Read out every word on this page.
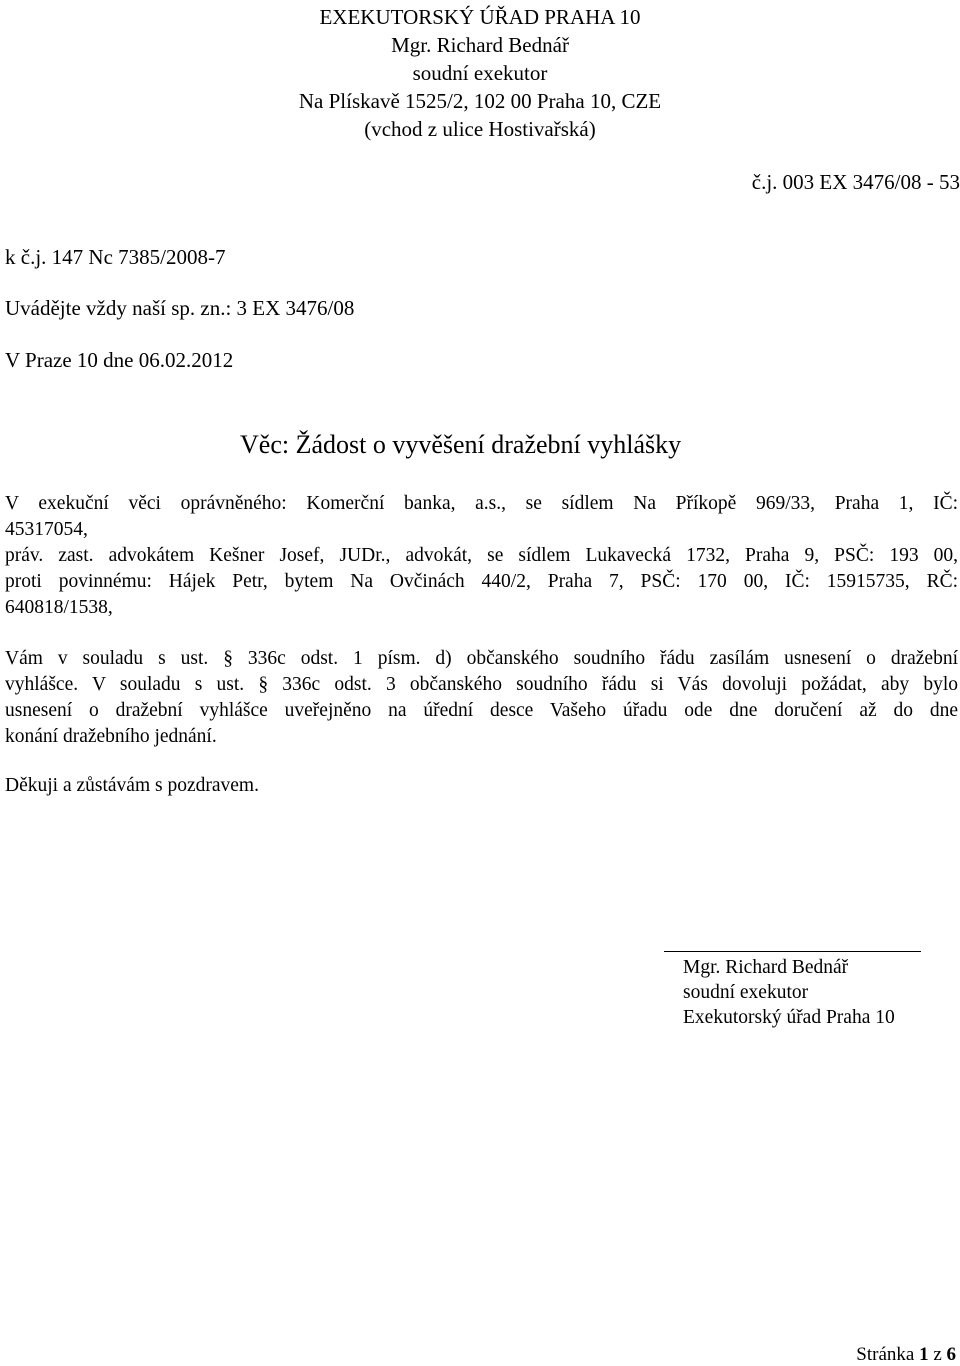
EXEKUTORSKÝ ÚŘAD PRAHA 10
Mgr. Richard Bednář
soudní exekutor
Na Plískavě 1525/2, 102 00 Praha 10, CZE
(vchod z ulice Hostivařská)
č.j. 003 EX 3476/08 - 53
k č.j. 147 Nc 7385/2008-7
Uvádějte vždy naší sp. zn.: 3 EX 3476/08
V Praze 10 dne 06.02.2012
Věc: Žádost o vyvěšení dražební vyhlášky
V exekuční věci oprávněného: Komerční banka, a.s., se sídlem Na Příkopě 969/33, Praha 1, IČ:
45317054,
práv. zast. advokátem Kešner Josef, JUDr., advokát, se sídlem Lukavecká 1732, Praha 9, PSČ: 193 00,
proti povinnému: Hájek Petr, bytem Na Ovčinách 440/2, Praha 7, PSČ: 170 00, IČ: 15915735, RČ:
640818/1538,
Vám v souladu s ust. § 336c odst. 1 písm. d) občanského soudního řádu zasílám usnesení o dražební
vyhlášce. V souladu s ust. § 336c odst. 3 občanského soudního řádu si Vás dovoluji požádat, aby bylo
usnesení o dražební vyhlášce uveřejněno na úřední desce Vašeho úřadu ode dne doručení až do dne
konání dražebního jednání.
Děkuji a zůstávám s pozdravem.
Mgr. Richard Bednář
soudní exekutor
Exekutorský úřad Praha 10
Stránka 1 z 6
